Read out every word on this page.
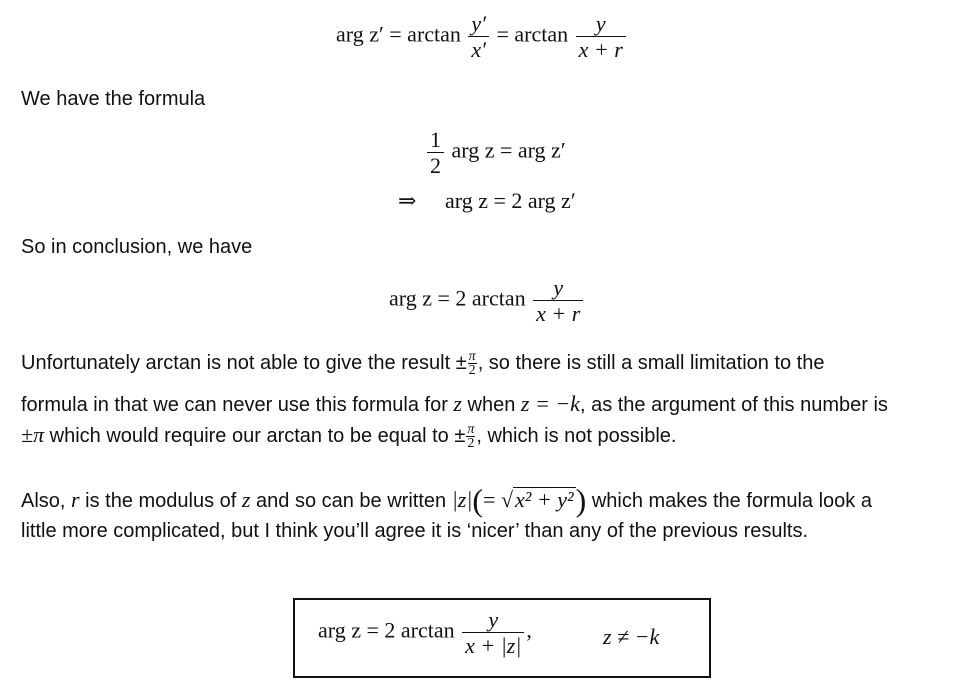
arg $z' = \arctan \frac{y'}{x'} = \arctan \frac{y}{x + r}$
We have the formula
$\frac{1}{2}$ arg z = arg z′
⇒ arg z = 2 arg z′
So in conclusion, we have
arg z = 2 $\arctan \frac{y}{x + r}$
Unfortunately arctan is not able to give the result ± $\frac{\pi}{2}$ , so there is still a small limitation to the
formula in that we can never use this formula for z when z = −k, as the argument of this number is
±π which would require our arctan to be equal to ± $\frac{\pi}{2}$ , which is not possible.
Also, r is the modulus of z and so can be written |z|(= √x² + y²) which makes the formula look a
little more complicated, but I think you’ll agree it is ‘nicer’ than any of the previous results.
arg z = 2 $\arctan \frac{y}{x + |z|}$ ,	z ≠ −k
